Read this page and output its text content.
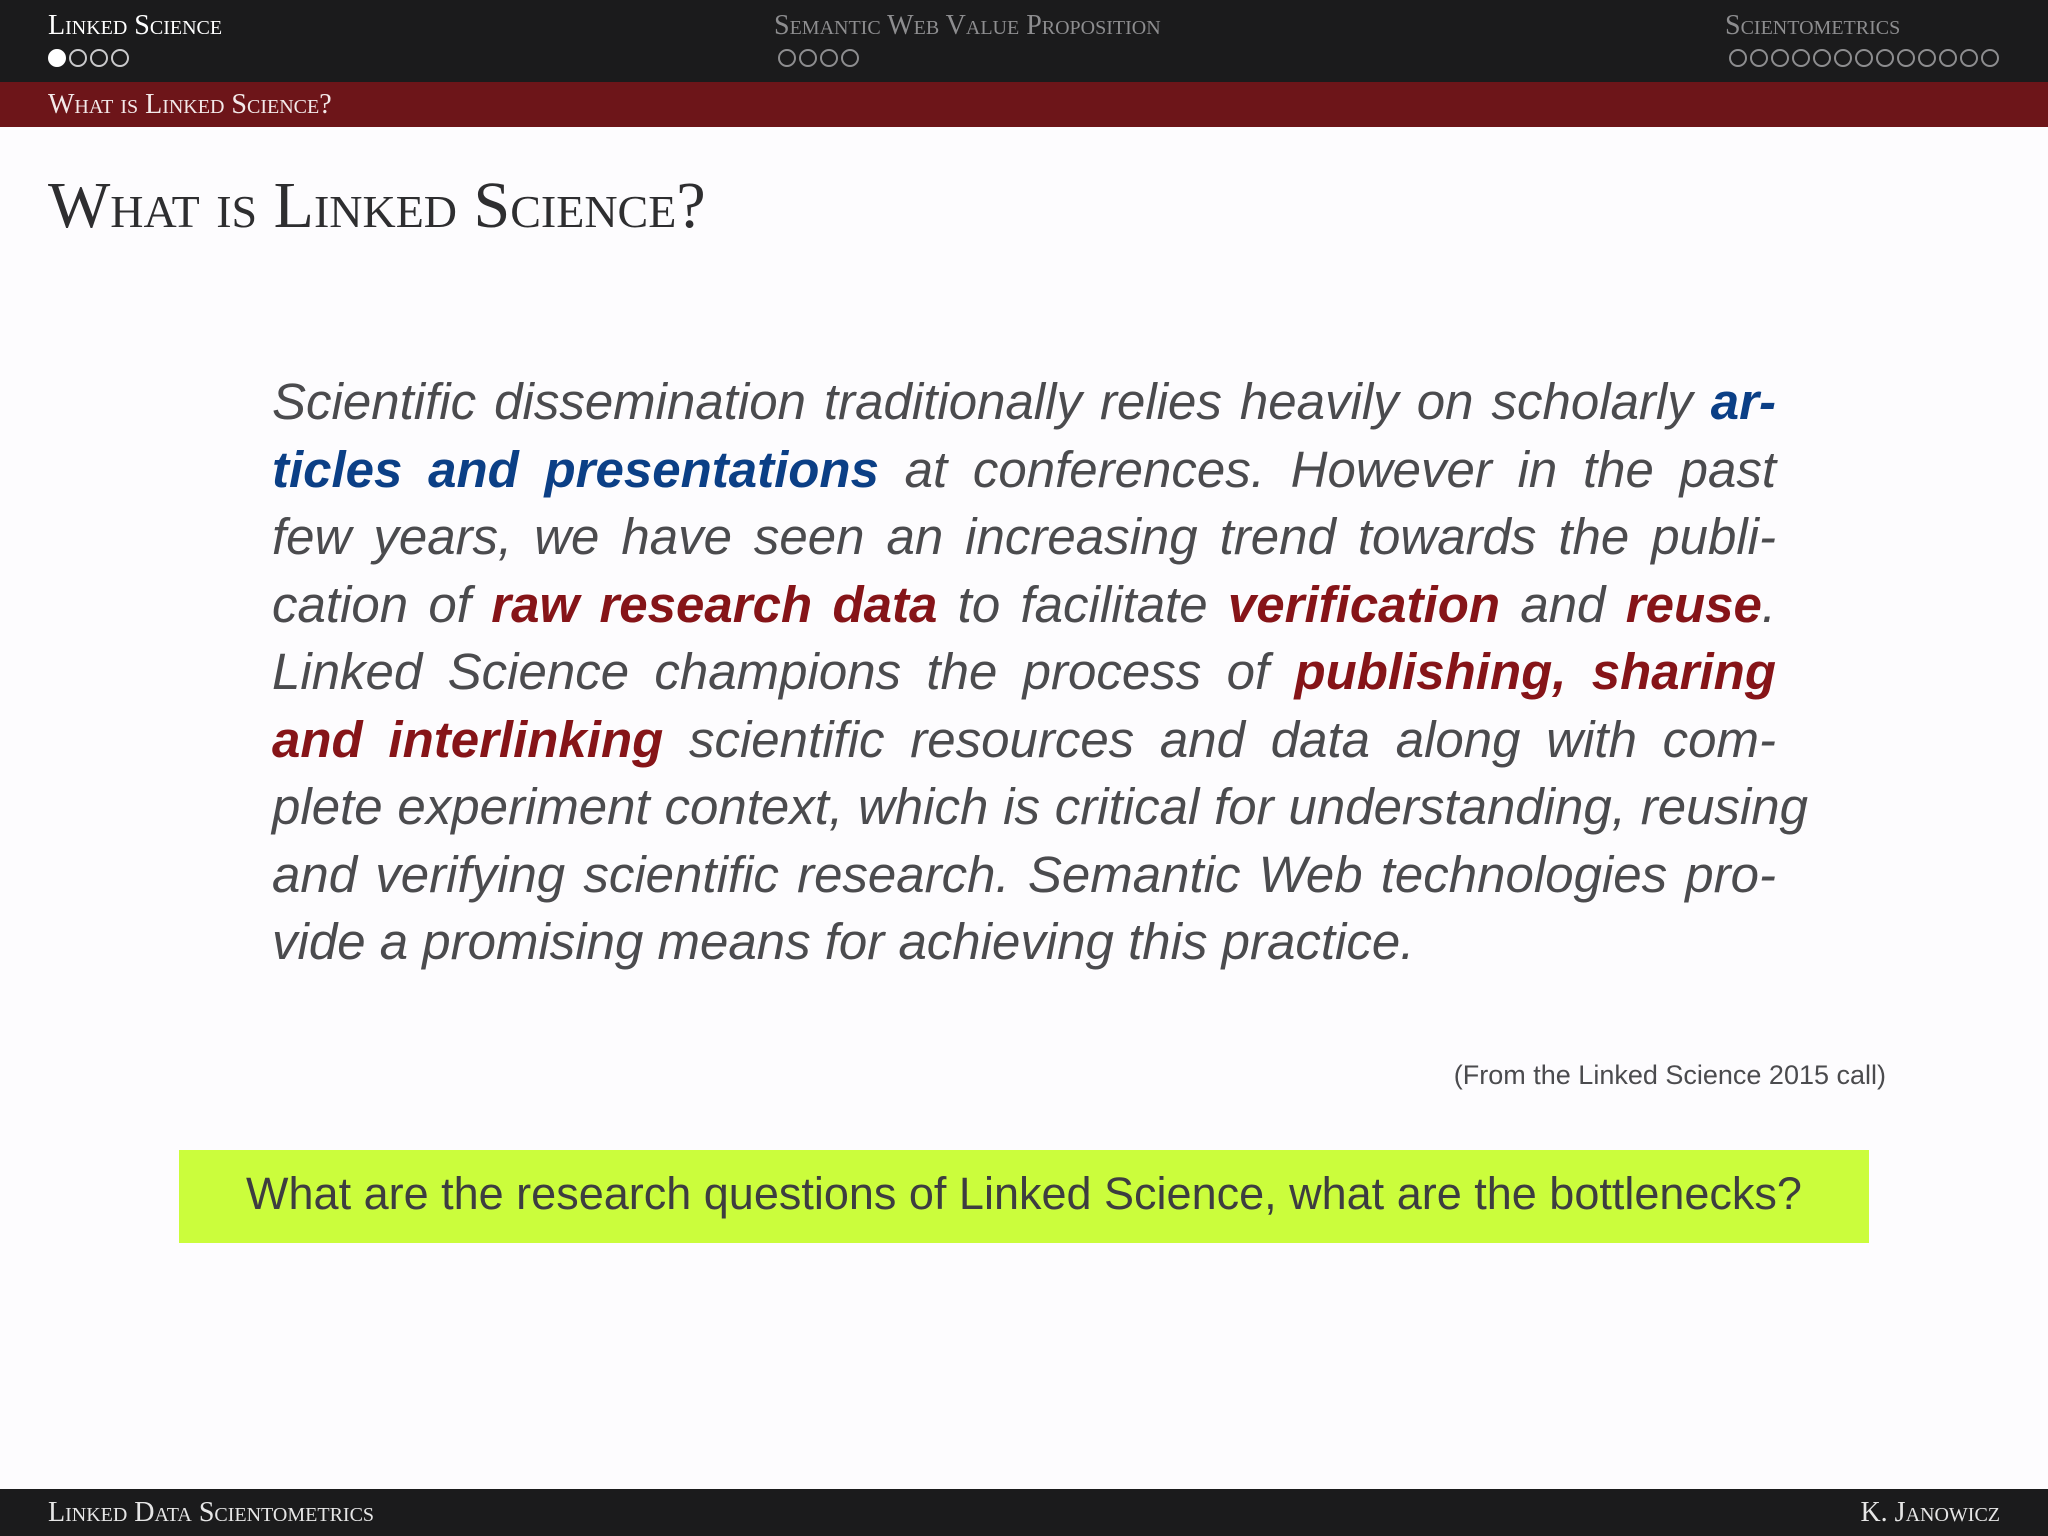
Linked Science	Semantic Web Value Proposition	Scientometrics
What is Linked Science?
What is Linked Science?
Scientific dissemination traditionally relies heavily on scholarly ar-
ticles and presentations at conferences. However in the past
few years, we have seen an increasing trend towards the publi-
cation of raw research data to facilitate verification and reuse.
Linked Science champions the process of publishing, sharing
and interlinking scientific resources and data along with com-
plete experiment context, which is critical for understanding, reusing
and verifying scientific research. Semantic Web technologies pro-
vide a promising means for achieving this practice.
(From the Linked Science 2015 call)
What are the research questions of Linked Science, what are the bottlenecks?
Linked Data Scientometrics	K. Janowicz
